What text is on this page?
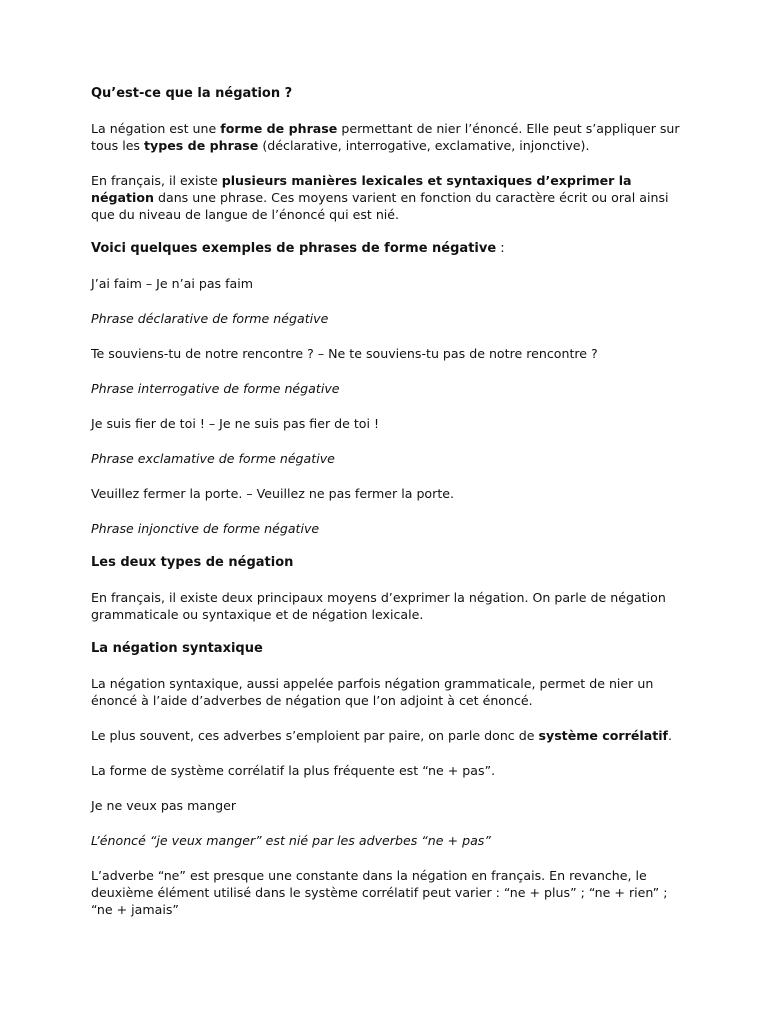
Qu’est-ce que la négation ?

La négation est une forme de phrase permettant de nier l’énoncé. Elle peut s’appliquer sur tous les types de phrase (déclarative, interrogative, exclamative, injonctive).

En français, il existe plusieurs manières lexicales et syntaxiques d’exprimer la négation dans une phrase. Ces moyens varient en fonction du caractère écrit ou oral ainsi que du niveau de langue de l’énoncé qui est nié.

Voici quelques exemples de phrases de forme négative :

J’ai faim – Je n’ai pas faim

Phrase déclarative de forme négative

Te souviens-tu de notre rencontre ? – Ne te souviens-tu pas de notre rencontre ?

Phrase interrogative de forme négative

Je suis fier de toi ! – Je ne suis pas fier de toi !

Phrase exclamative de forme négative

Veuillez fermer la porte. – Veuillez ne pas fermer la porte.

Phrase injonctive de forme négative

Les deux types de négation

En français, il existe deux principaux moyens d’exprimer la négation. On parle de négation grammaticale ou syntaxique et de négation lexicale.

La négation syntaxique

La négation syntaxique, aussi appelée parfois négation grammaticale, permet de nier un énoncé à l’aide d’adverbes de négation que l’on adjoint à cet énoncé.

Le plus souvent, ces adverbes s’emploient par paire, on parle donc de système corrélatif.

La forme de système corrélatif la plus fréquente est “ne + pas”.

Je ne veux pas manger

L’énoncé “je veux manger” est nié par les adverbes “ne + pas”

L’adverbe “ne” est presque une constante dans la négation en français. En revanche, le deuxième élément utilisé dans le système corrélatif peut varier : “ne + plus” ; “ne + rien” ; “ne + jamais”
